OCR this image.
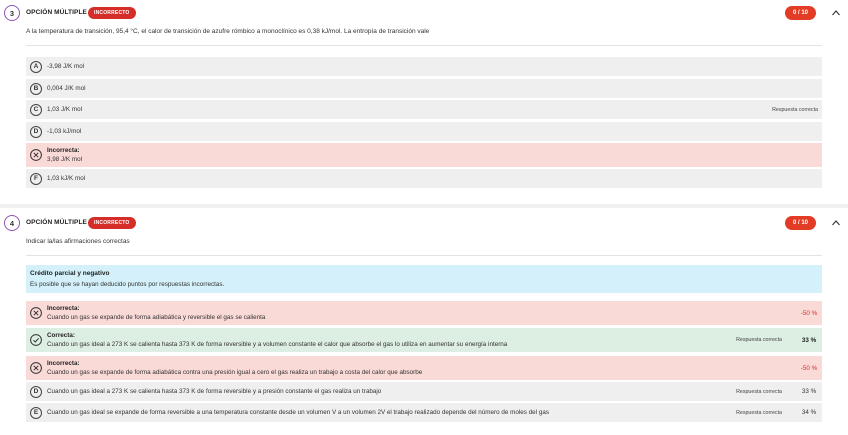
3	OPCIÓN MÚLTIPLE	INCORRECTO	0 / 10
A la temperatura de transición, 95,4 °C, el calor de transición de azufre rómbico a monoclínico es 0,38 kJ/mol. La entropía de transición vale
A	-3,98 J/K mol
B	0,004 J/K mol
C	1,03 J/K mol	Respuesta correcta
D	-1,03 kJ/mol
Incorrecta:
3,98 J/K mol
F	1,03 kJ/K mol
4	OPCIÓN MÚLTIPLE	INCORRECTO	0 / 10
Indicar la/las afirmaciones correctas
Crédito parcial y negativo
Es posible que se hayan deducido puntos por respuestas incorrectas.
Incorrecta:
Cuando un gas se expande de forma adiabática y reversible el gas se calienta
-50 %
Correcta:
Cuando un gas ideal a 273 K se calienta hasta 373 K de forma reversible y a volumen constante el calor que absorbe el gas lo utiliza en aumentar su energía interna
Respuesta correcta	33 %
Incorrecta:
Cuando un gas se expande de forma adiabática contra una presión igual a cero el gas realiza un trabajo a costa del calor que absorbe
-50 %
D	Cuando un gas ideal a 273 K se calienta hasta 373 K de forma reversible y a presión constante el gas realiza un trabajo	Respuesta correcta	33 %
E	Cuando un gas ideal se expande de forma reversible a una temperatura constante desde un volumen V a un volumen 2V el trabajo realizado depende del número de moles del gas	Respuesta correcta	34 %
